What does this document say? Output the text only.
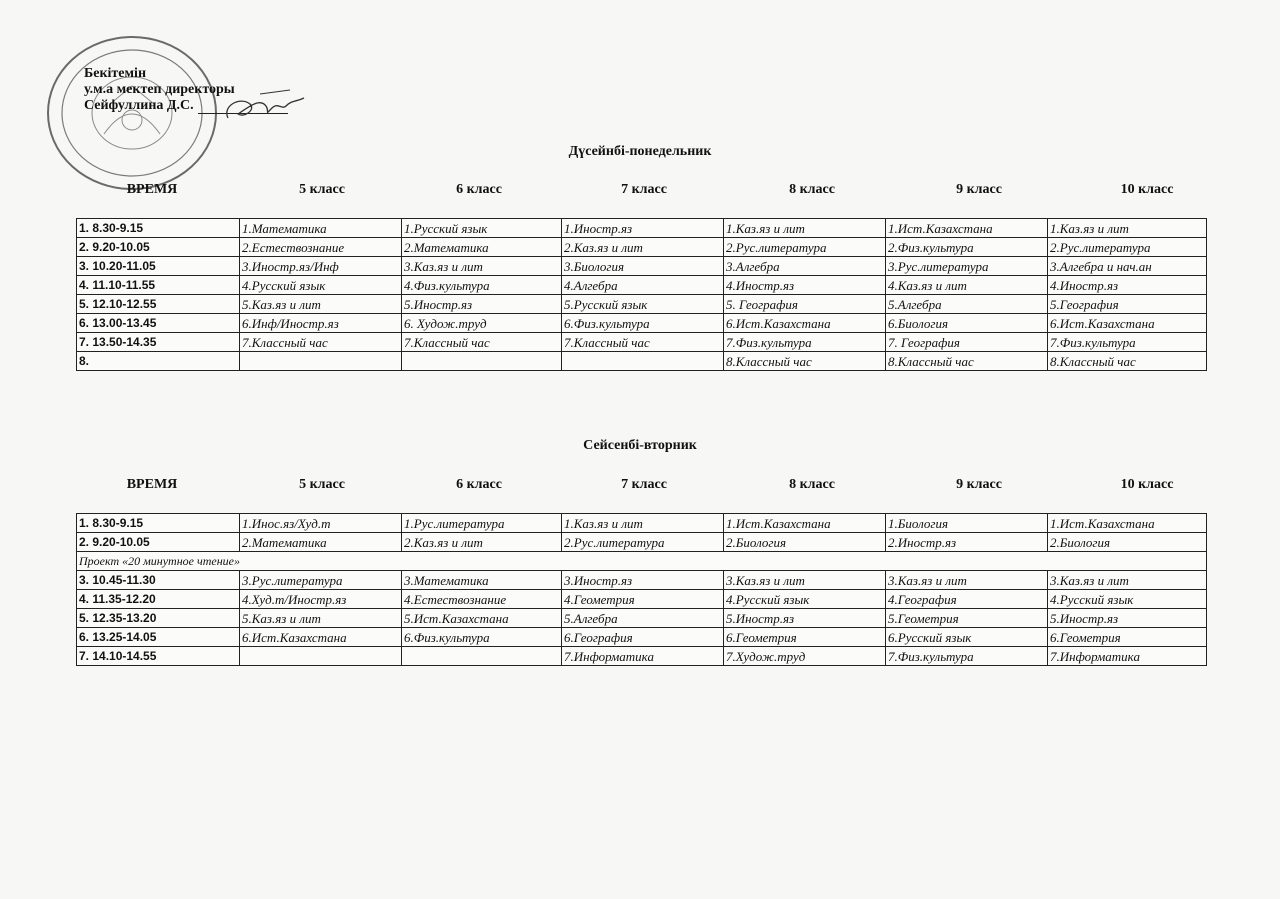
Бекітемін
у.м.а мектеп директоры
Сейфуллина Д.С.
Дүсейнбі-понедельник
ВРЕМЯ	5 класс	6 класс	7 класс	8 класс	9 класс	10 класс
1. 8.30-9.15	1.Математика	1.Русский язык	1.Иностр.яз	1.Каз.яз и лит	1.Ист.Казахстана	1.Каз.яз и лит
2. 9.20-10.05	2.Естествознание	2.Математика	2.Каз.яз и лит	2.Рус.литература	2.Физ.культура	2.Рус.литература
3. 10.20-11.05	3.Иностр.яз/Инф	3.Каз.яз и лит	3.Биология	3.Алгебра	3.Рус.литература	3.Алгебра и нач.ан
4. 11.10-11.55	4.Русский язык	4.Физ.культура	4.Алгебра	4.Иностр.яз	4.Каз.яз и лит	4.Иностр.яз
5. 12.10-12.55	5.Каз.яз и лит	5.Иностр.яз	5.Русский язык	5. География	5.Алгебра	5.География
6. 13.00-13.45	6.Инф/Иностр.яз	6. Худож.труд	6.Физ.культура	6.Ист.Казахстана	6.Биология	6.Ист.Казахстана
7. 13.50-14.35	7.Классный час	7.Классный час	7.Классный час	7.Физ.культура	7. География	7.Физ.культура
8.				8.Классный час	8.Классный час	8.Классный час
Сейсенбі-вторник
ВРЕМЯ	5 класс	6 класс	7 класс	8 класс	9 класс	10 класс
1. 8.30-9.15	1.Инос.яз/Худ.т	1.Рус.литература	1.Каз.яз и лит	1.Ист.Казахстана	1.Биология	1.Ист.Казахстана
2. 9.20-10.05	2.Математика	2.Каз.яз и лит	2.Рус.литература	2.Биология	2.Иностр.яз	2.Биология
Проект «20 минутное чтение»						
3. 10.45-11.30	3.Рус.литература	3.Математика	3.Иностр.яз	3.Каз.яз и лит	3.Каз.яз и лит	3.Каз.яз и лит
4. 11.35-12.20	4.Худ.т/Иностр.яз	4.Естествознание	4.Геометрия	4.Русский язык	4.География	4.Русский язык
5. 12.35-13.20	5.Каз.яз и лит	5.Ист.Казахстана	5.Алгебра	5.Иностр.яз	5.Геометрия	5.Иностр.яз
6. 13.25-14.05	6.Ист.Казахстана	6.Физ.культура	6.География	6.Геометрия	6.Русский язык	6.Геометрия
7. 14.10-14.55			7.Информатика	7.Худож.труд	7.Физ.культура	7.Информатика
